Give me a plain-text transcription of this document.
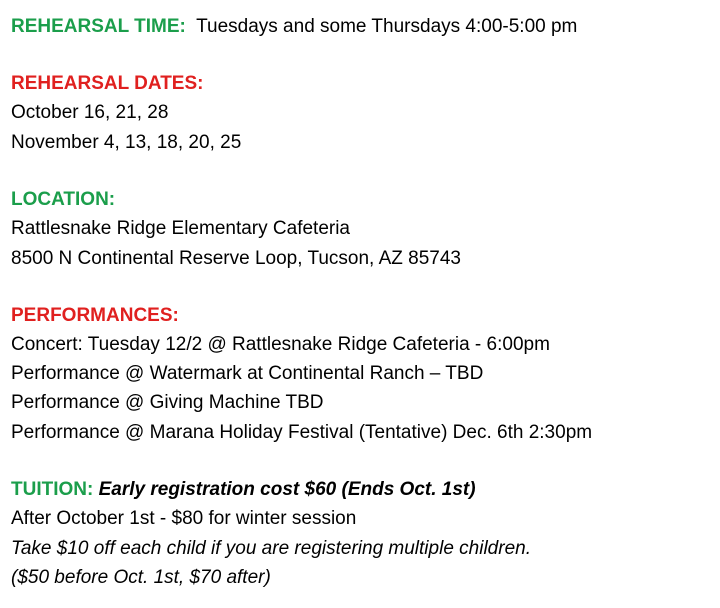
REHEARSAL TIME: Tuesdays and some Thursdays 4:00-5:00 pm
REHEARSAL DATES:
October 16, 21, 28
November 4, 13, 18, 20, 25
LOCATION:
Rattlesnake Ridge Elementary Cafeteria
8500 N Continental Reserve Loop, Tucson, AZ 85743
PERFORMANCES:
Concert: Tuesday 12/2 @ Rattlesnake Ridge Cafeteria - 6:00pm
Performance @ Watermark at Continental Ranch – TBD
Performance @ Giving Machine TBD
Performance @ Marana Holiday Festival (Tentative) Dec. 6th 2:30pm
TUITION: Early registration cost $60 (Ends Oct. 1st)
After October 1st - $80 for winter session
Take $10 off each child if you are registering multiple children.
($50 before Oct. 1st, $70 after)
